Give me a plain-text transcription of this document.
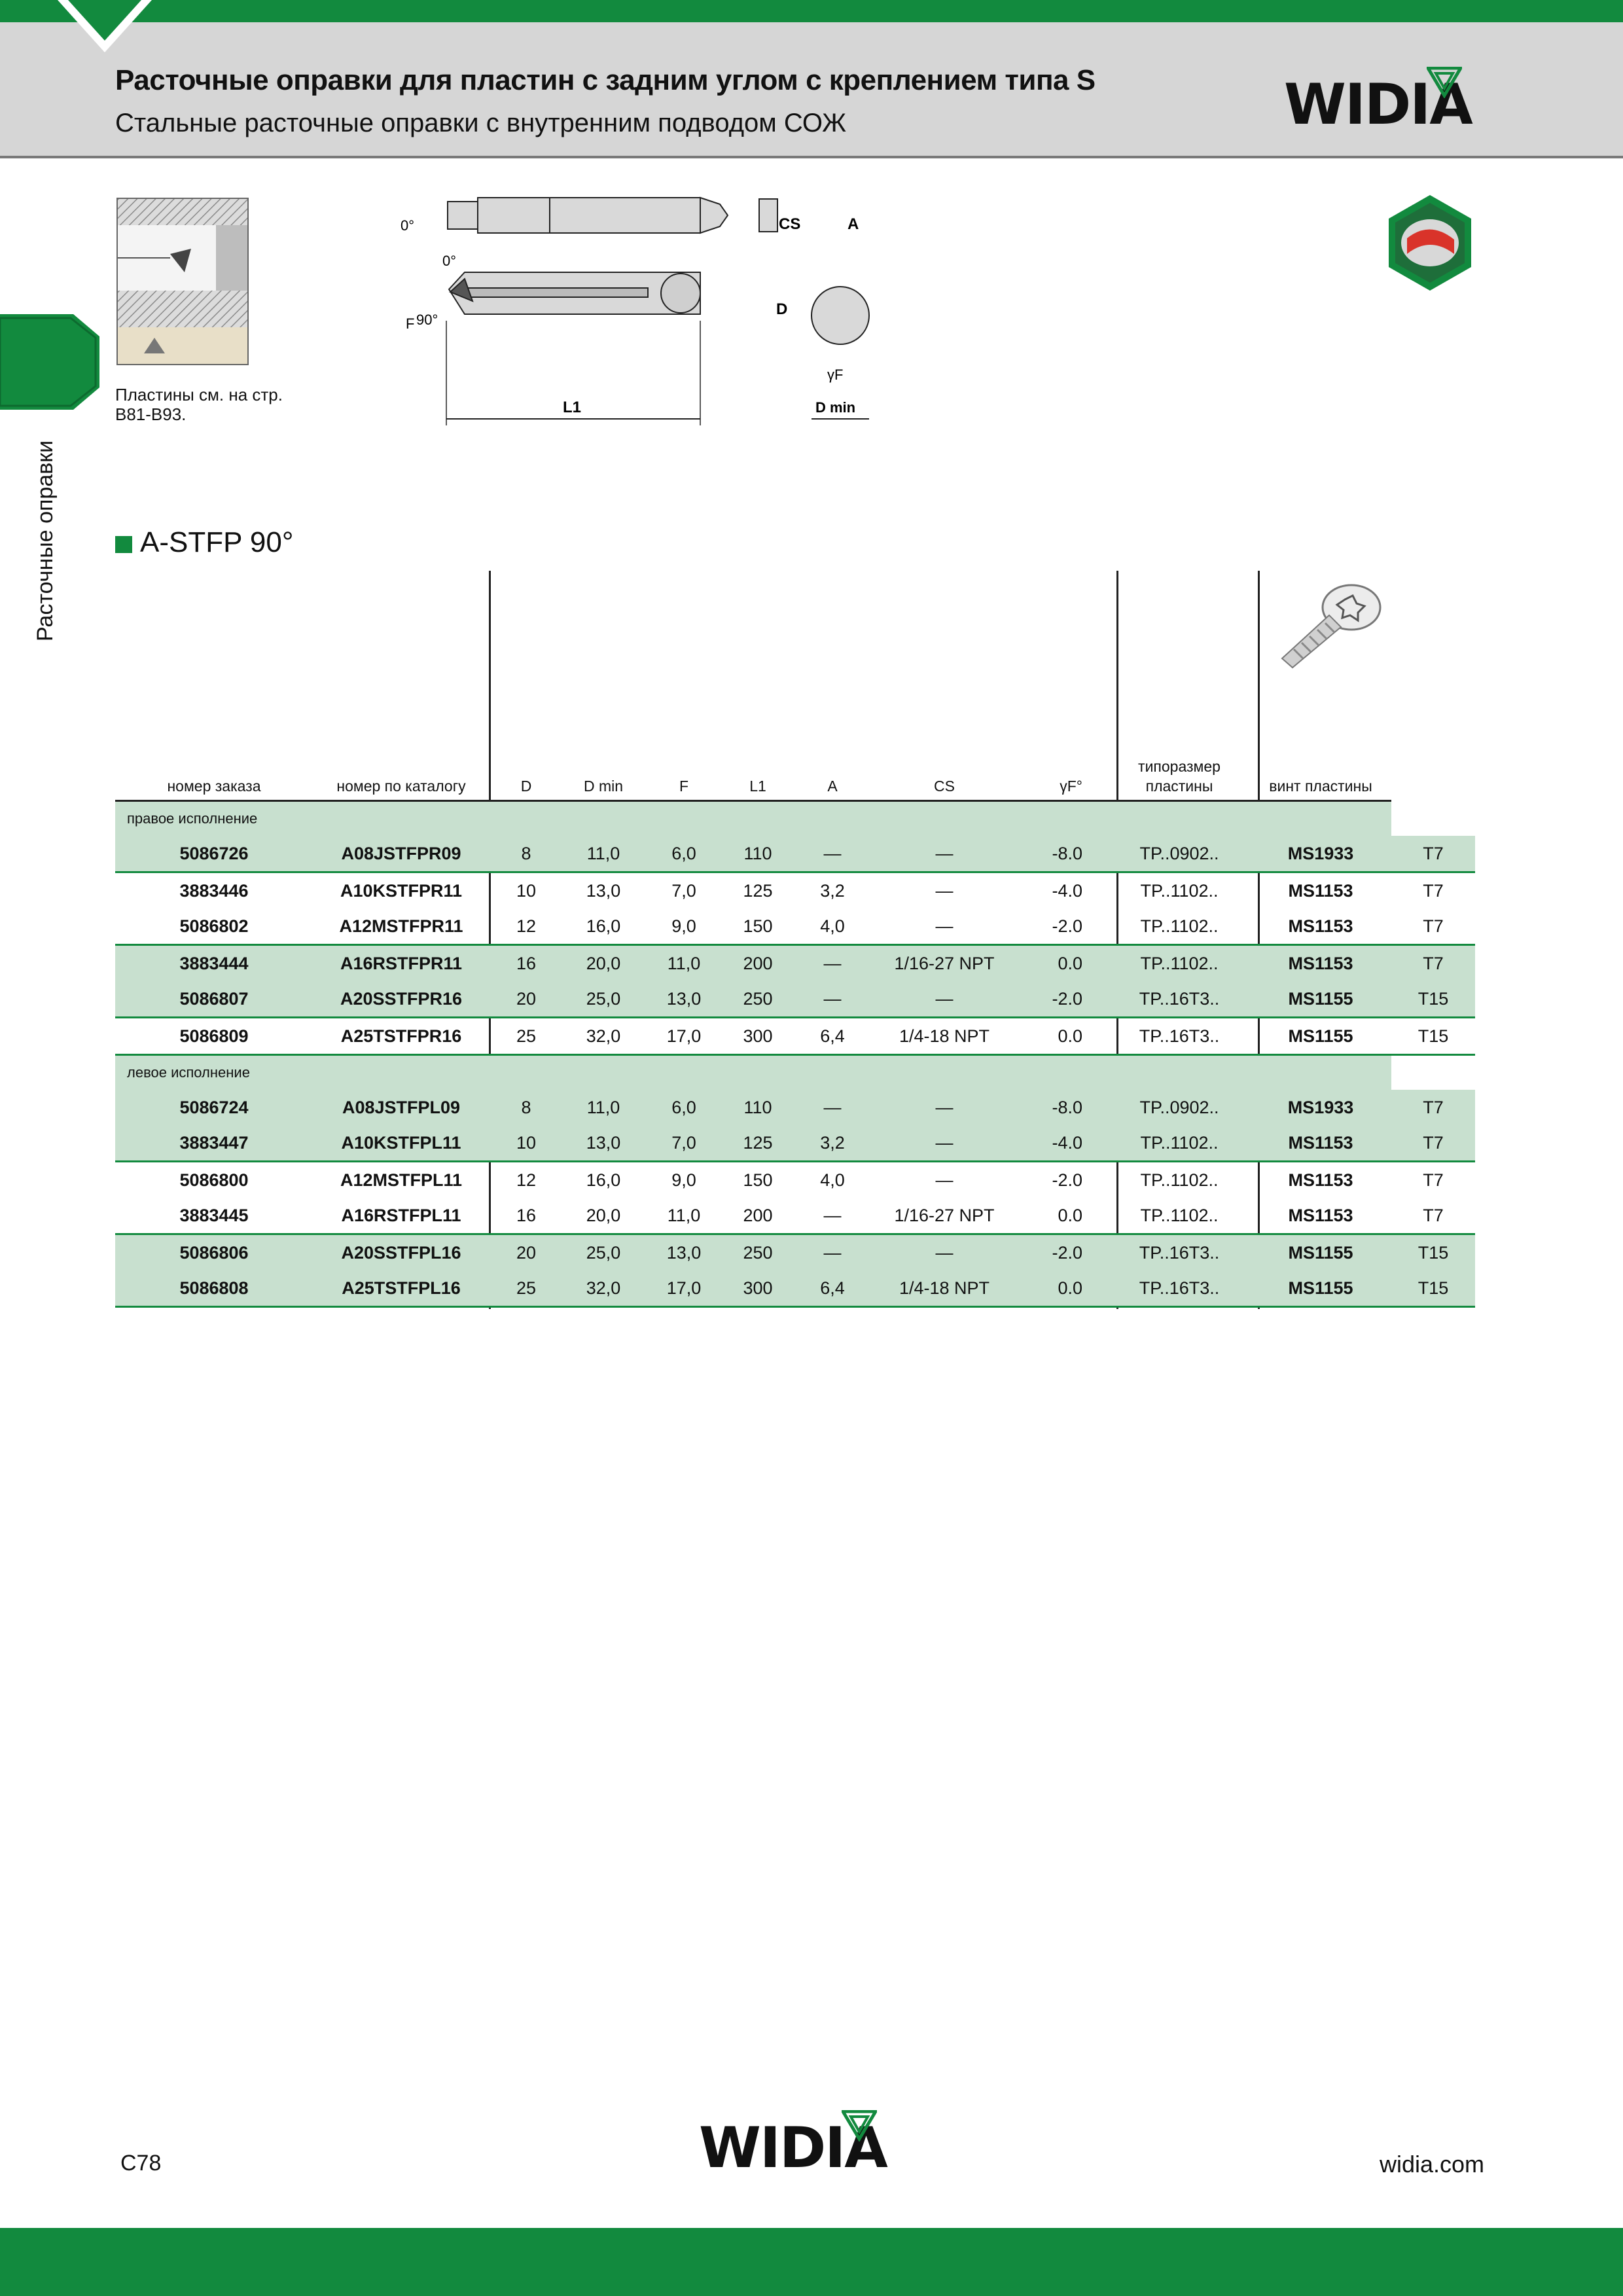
Расточные оправки для пластин с задним углом с креплением типа S
Стальные расточные оправки с внутренним подводом СОЖ	WIDIA
Расточные оправки
Пластины см. на стр. B81-B93.
0°	CS	A
0°
F 90°
D
γF
L1	D min
A-STFP 90°
номер заказа	номер по каталогу	D	D min	F	L1	A	CS	γF°	типоразмер пластины	винт пластины	
правое исполнение											
5086726	A08JSTFPR09	8	11,0	6,0	110	—	—	-8.0	TP..0902..	MS1933	T7
3883446	A10KSTFPR11	10	13,0	7,0	125	3,2	—	-4.0	TP..1102..	MS1153	T7
5086802	A12MSTFPR11	12	16,0	9,0	150	4,0	—	-2.0	TP..1102..	MS1153	T7
3883444	A16RSTFPR11	16	20,0	11,0	200	—	1/16-27 NPT	0.0	TP..1102..	MS1153	T7
5086807	A20SSTFPR16	20	25,0	13,0	250	—	—	-2.0	TP..16T3..	MS1155	T15
5086809	A25TSTFPR16	25	32,0	17,0	300	6,4	1/4-18 NPT	0.0	TP..16T3..	MS1155	T15
левое исполнение											
5086724	A08JSTFPL09	8	11,0	6,0	110	—	—	-8.0	TP..0902..	MS1933	T7
3883447	A10KSTFPL11	10	13,0	7,0	125	3,2	—	-4.0	TP..1102..	MS1153	T7
5086800	A12MSTFPL11	12	16,0	9,0	150	4,0	—	-2.0	TP..1102..	MS1153	T7
3883445	A16RSTFPL11	16	20,0	11,0	200	—	1/16-27 NPT	0.0	TP..1102..	MS1153	T7
5086806	A20SSTFPL16	20	25,0	13,0	250	—	—	-2.0	TP..16T3..	MS1155	T15
5086808	A25TSTFPL16	25	32,0	17,0	300	6,4	1/4-18 NPT	0.0	TP..16T3..	MS1155	T15
C78	WIDIA	widia.com
